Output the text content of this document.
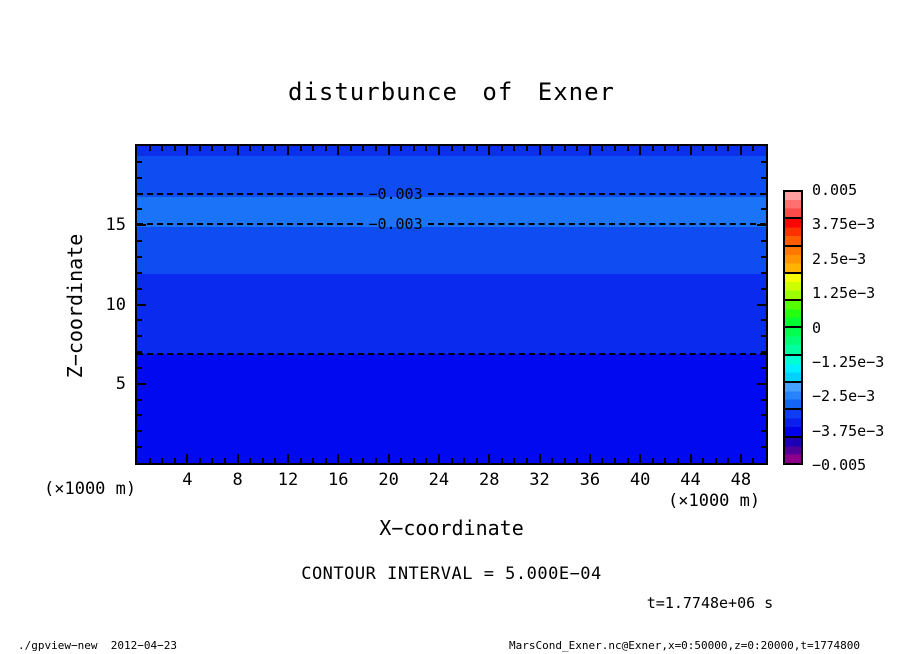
disturbunce of Exner
Z−coordinate
−0.003
−0.003
(×1000 m)
(×1000 m)
X−coordinate
CONTOUR INTERVAL = 5.000E−04
t=1.7748e+06 s
./gpview−new  2012−04−23	MarsCond_Exner.nc@Exner,x=0:50000,z=0:20000,t=1774800
4	8	12	16	20	24	28	32	36	40	44	48
5
10
15
0.005
3.75e−3
2.5e−3
1.25e−3
0
−1.25e−3
−2.5e−3
−3.75e−3
−0.005
